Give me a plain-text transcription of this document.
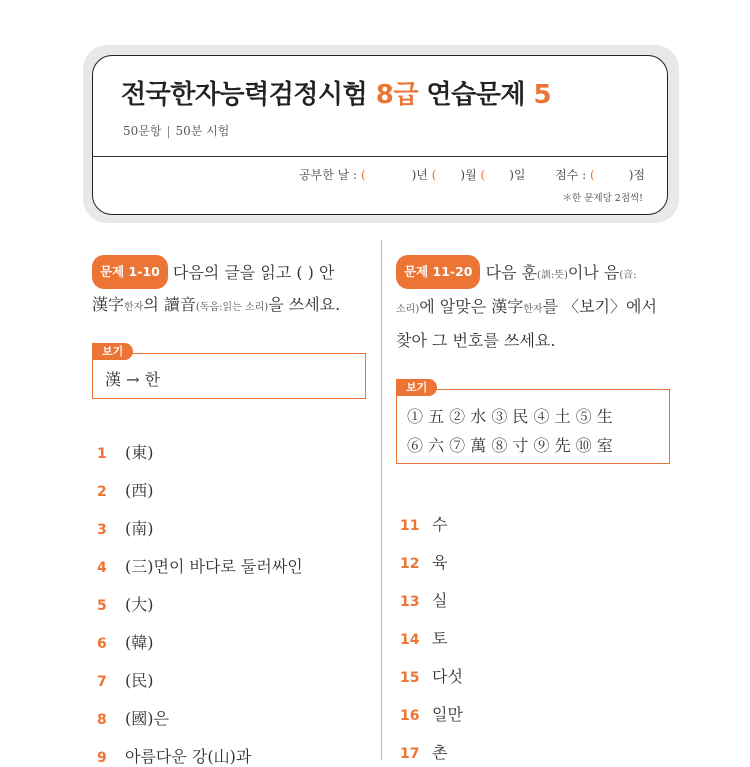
전국한자능력검정시험 8급 연습문제 5
50문항 | 50분 시험
공부한 날 : (	)년 ( )월 ( )일 점수 : (	)점
＊한 문제당 2점씩!
문제 1-10 다음의 글을 읽고 ( ) 안
漢字한자의 讀音(독음:읽는 소리)을 쓰세요.
보기
漢 → 한
1 (東)
2 (西)
3 (南)
4 (三)면이 바다로 둘러싸인
5 (大)
6 (韓)
7 (民)
8 (國)은
9 아름다운 강(山)과
문제 11-20 다음 훈(訓:뜻)이나 음(音:
소리)에 알맞은 漢字한자를 〈보기〉에서
찾아 그 번호를 쓰세요.
보기
① 五 ② 水 ③ 民 ④ 土 ⑤ 生
⑥ 六 ⑦ 萬 ⑧ 寸 ⑨ 先 ⑩ 室
11 수
12 육
13 실
14 토
15 다섯
16 일만
17 촌
